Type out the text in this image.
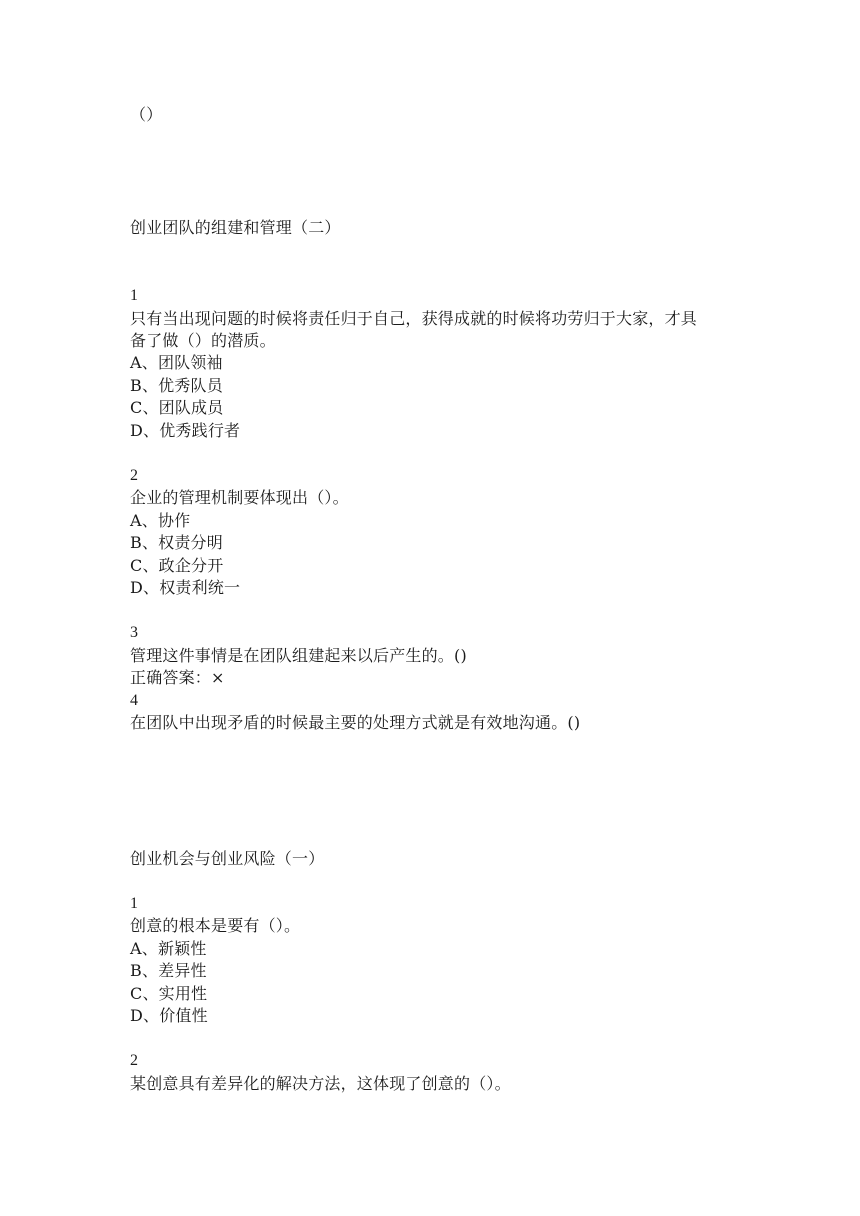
（）
创业团队的组建和管理（二）
1
只有当出现问题的时候将责任归于自己，获得成就的时候将功劳归于大家，才具
备了做（）的潜质。
A、团队领袖
B、优秀队员
C、团队成员
D、优秀践行者
2
企业的管理机制要体现出（）。
A、协作
B、权责分明
C、政企分开
D、权责利统一
3
管理这件事情是在团队组建起来以后产生的。()
正确答案：×
4
在团队中出现矛盾的时候最主要的处理方式就是有效地沟通。()
创业机会与创业风险（一）
1
创意的根本是要有（）。
A、新颖性
B、差异性
C、实用性
D、价值性
2
某创意具有差异化的解决方法，这体现了创意的（）。
